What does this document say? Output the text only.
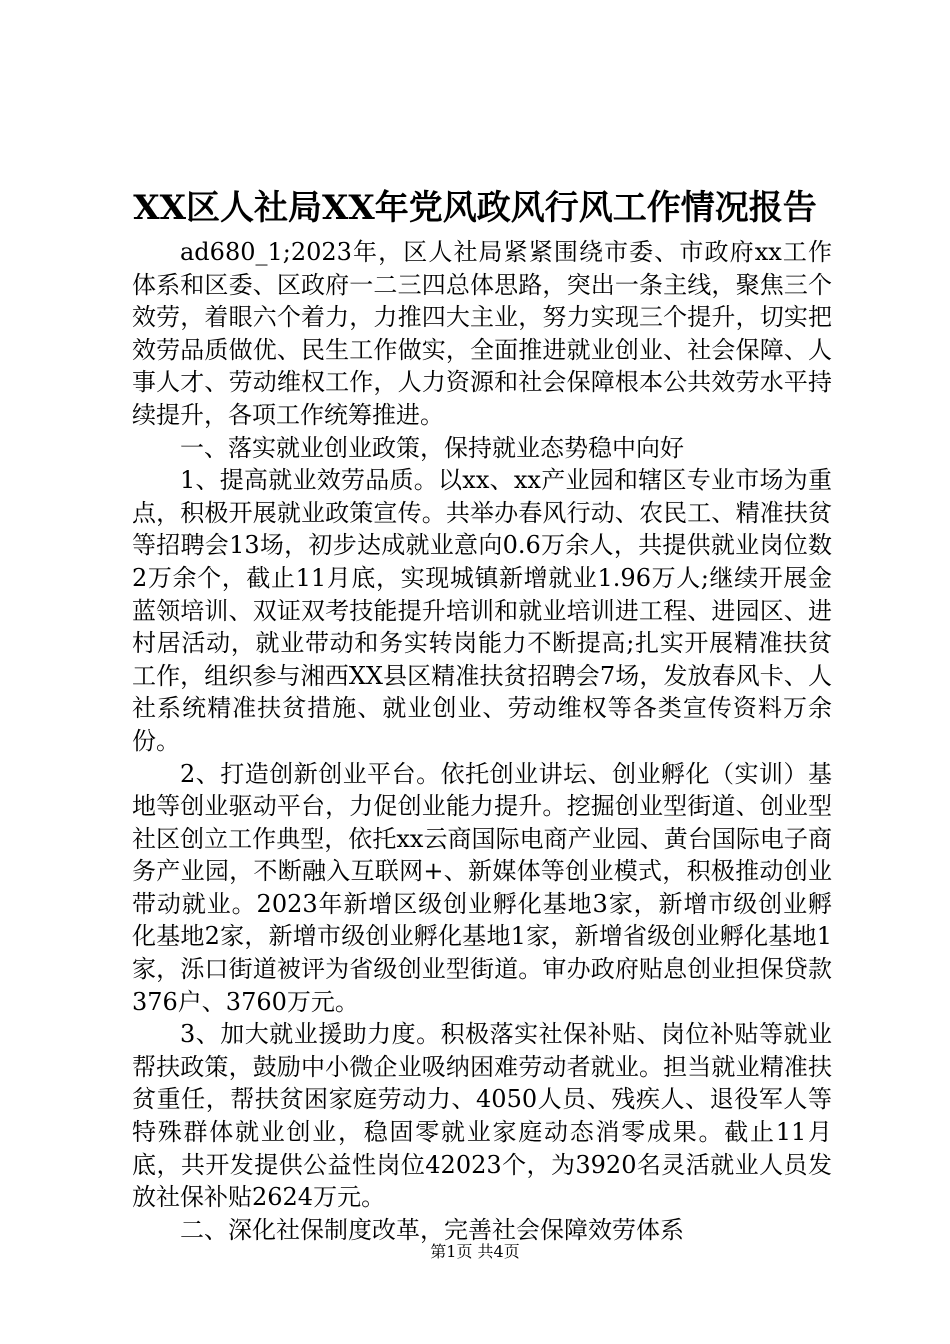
XX区人社局XX年党风政风行风工作情况报告

ad680_1;2023年，区人社局紧紧围绕市委、市政府xx工作体系和区委、区政府一二三四总体思路，突出一条主线，聚焦三个效劳，着眼六个着力，力推四大主业，努力实现三个提升，切实把效劳品质做优、民生工作做实，全面推进就业创业、社会保障、人事人才、劳动维权工作，人力资源和社会保障根本公共效劳水平持续提升，各项工作统筹推进。

一、落实就业创业政策，保持就业态势稳中向好

1、提高就业效劳品质。以xx、xx产业园和辖区专业市场为重点，积极开展就业政策宣传。共举办春风行动、农民工、精准扶贫等招聘会13场，初步达成就业意向0.6万余人，共提供就业岗位数2万余个，截止11月底，实现城镇新增就业1.96万人;继续开展金蓝领培训、双证双考技能提升培训和就业培训进工程、进园区、进村居活动，就业带动和务实转岗能力不断提高;扎实开展精准扶贫工作，组织参与湘西XX县区精准扶贫招聘会7场，发放春风卡、人社系统精准扶贫措施、就业创业、劳动维权等各类宣传资料万余份。

2、打造创新创业平台。依托创业讲坛、创业孵化（实训）基地等创业驱动平台，力促创业能力提升。挖掘创业型街道、创业型社区创立工作典型，依托xx云商国际电商产业园、黄台国际电子商务产业园，不断融入互联网+、新媒体等创业模式，积极推动创业带动就业。2023年新增区级创业孵化基地3家，新增市级创业孵化基地2家，新增市级创业孵化基地1家，新增省级创业孵化基地1家，泺口街道被评为省级创业型街道。审办政府贴息创业担保贷款376户、3760万元。

3、加大就业援助力度。积极落实社保补贴、岗位补贴等就业帮扶政策，鼓励中小微企业吸纳困难劳动者就业。担当就业精准扶贫重任，帮扶贫困家庭劳动力、4050人员、残疾人、退役军人等特殊群体就业创业，稳固零就业家庭动态消零成果。截止11月底，共开发提供公益性岗位42023个，为3920名灵活就业人员发放社保补贴2624万元。

二、深化社保制度改革，完善社会保障效劳体系

第1页 共4页
